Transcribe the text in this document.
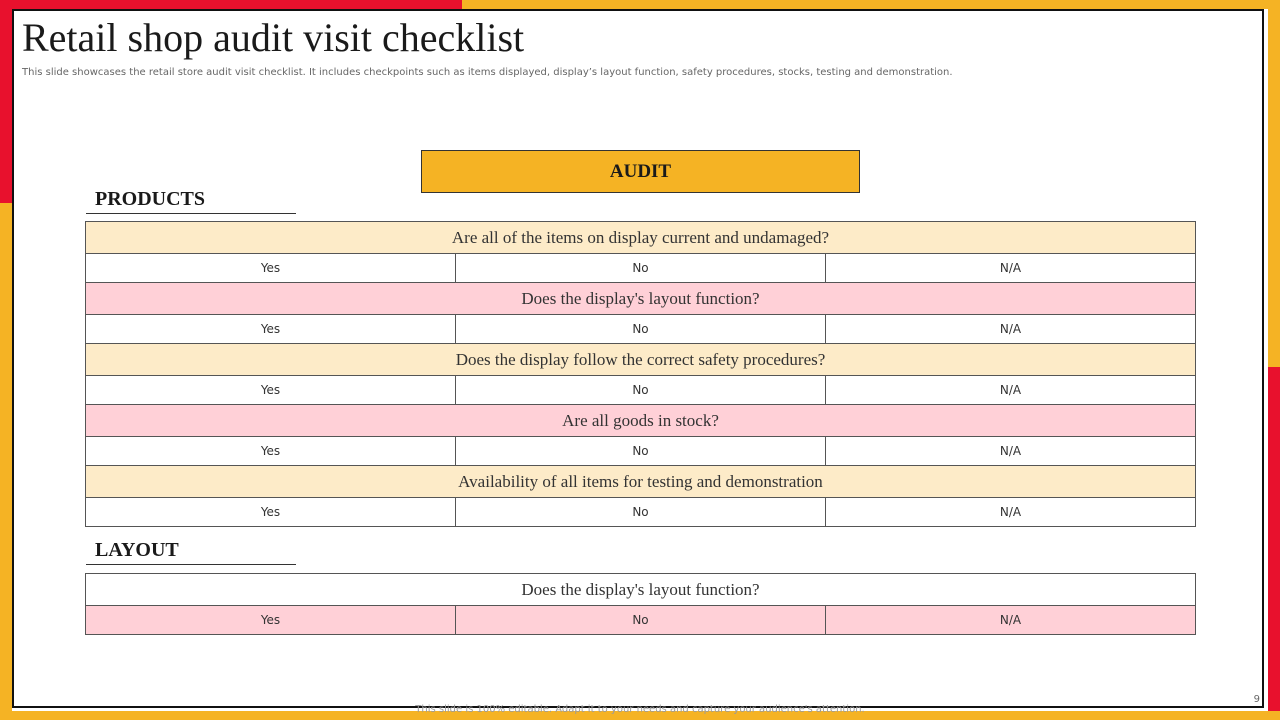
Retail shop audit visit checklist

This slide showcases the retail store audit visit checklist. It includes checkpoints such as items displayed, display’s layout function, safety procedures, stocks, testing and demonstration.

AUDIT
PRODUCTS
Are all of the items on display current and undamaged?		
Yes	No	N/A
Does the display's layout function?		
Yes	No	N/A
Does the display follow the correct safety procedures?		
Yes	No	N/A
Are all goods in stock?		
Yes	No	N/A
Availability of all items for testing and demonstration		
Yes	No	N/A
LAYOUT
Does the display's layout function?
Yes	No	N/A
This slide is 100% editable. Adapt it to your needs and capture your audience's attention.
9
